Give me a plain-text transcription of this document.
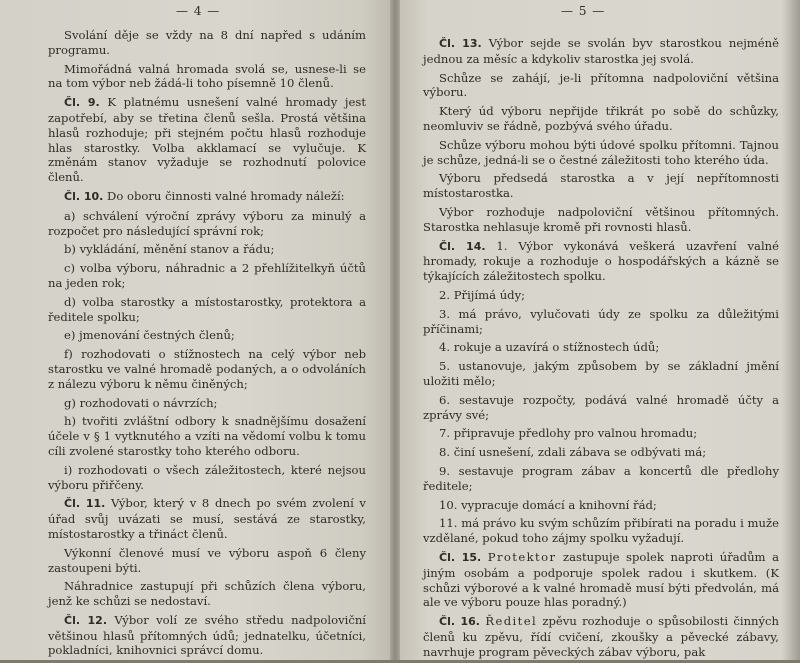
— 4 —

Svolání děje se vždy na 8 dní napřed s udáním programu.

Mimořádná valná hromada svolá se, usnese-li se na tom výbor neb žádá-li toho písemně 10 členů.

Čl. 9. K platnému usnešení valné hromady jest zapotřebí, aby se třetina členů sešla. Prostá většina hlasů rozhoduje; při stejném počtu hlasů rozhoduje hlas starostky. Volba akklamací se vylučuje. K změnám stanov vyžaduje se rozhodnutí polovice členů.

Čl. 10. Do oboru činnosti valné hromady náleží:

a) schválení výroční zprávy výboru za minulý a rozpočet pro následující správní rok;

b) vykládání, měnění stanov a řádu;

c) volba výboru, náhradnic a 2 přehlížitelkyň účtů na jeden rok;

d) volba starostky a místostarostky, protektora a ředitele spolku;

e) jmenování čestných členů;

f) rozhodovati o stížnostech na celý výbor neb starostku ve valné hromadě podaných, a o odvoláních z nálezu výboru k němu činěných;

g) rozhodovati o návrzích;

h) tvořiti zvláštní odbory k snadnějšímu dosažení účele v § 1 vytknutého a vzíti na vědomí volbu k tomu cíli zvolené starostky toho kterého odboru.

i) rozhodovati o všech záležitostech, které nejsou výboru přiřčeny.

Čl. 11. Výbor, který v 8 dnech po svém zvolení v úřad svůj uvázati se musí, sestává ze starostky, místostarostky a třináct členů.

Výkonní členové musí ve výboru aspoň 6 členy zastoupeni býti.

Náhradnice zastupují při schůzích člena výboru, jenž ke schůzi se nedostaví.

Čl. 12. Výbor volí ze svého středu nadpoloviční většinou hlasů přítomných údů; jednatelku, účetníci, pokladníci, knihovnici správcí domu.

— 5 —

Čl. 13. Výbor sejde se svolán byv starostkou nejméně jednou za měsíc a kdykoliv starostka jej svolá.

Schůze se zahájí, je-li přítomna nadpoloviční většina výboru.

Který úd výboru nepřijde třikrát po sobě do schůzky, neomluviv se řádně, pozbývá svého úřadu.

Schůze výboru mohou býti údové spolku přítomni. Tajnou je schůze, jedná-li se o čestné záležitosti toho kterého úda.

Výboru předsedá starostka a v její nepřítomnosti místostarostka.

Výbor rozhoduje nadpoloviční většinou přítomných. Starostka nehlasuje kromě při rovnosti hlasů.

Čl. 14. 1. Výbor vykonává veškerá uzavření valné hromady, rokuje a rozhoduje o hospodářských a kázně se týkajících záležitostech spolku.

2. Přijímá údy;

3. má právo, vylučovati údy ze spolku za důležitými příčinami;

4. rokuje a uzavírá o stížnostech údů;

5. ustanovuje, jakým způsobem by se základní jmění uložiti mělo;

6. sestavuje rozpočty, podává valné hromadě účty a zprávy své;

7. připravuje předlohy pro valnou hromadu;

8. činí usnešení, zdali zábava se odbývati má;

9. sestavuje program zábav a koncertů dle předlohy ředitele;

10. vypracuje domácí a knihovní řád;

11. má právo ku svým schůzím přibírati na poradu i muže vzdělané, pokud toho zájmy spolku vyžadují.

Čl. 15. Protektor zastupuje spolek naproti úřadům a jiným osobám a podporuje spolek radou i skutkem. (K schůzi výborové a k valné hromadě musí býti předvolán, má ale ve výboru pouze hlas poradný.)

Čl. 16. Ředitel zpěvu rozhoduje o spůsobilosti činných členů ku zpěvu, řídí cvičení, zkoušky a pěvecké zábavy, navrhuje program pěveckých zábav výboru, pak
